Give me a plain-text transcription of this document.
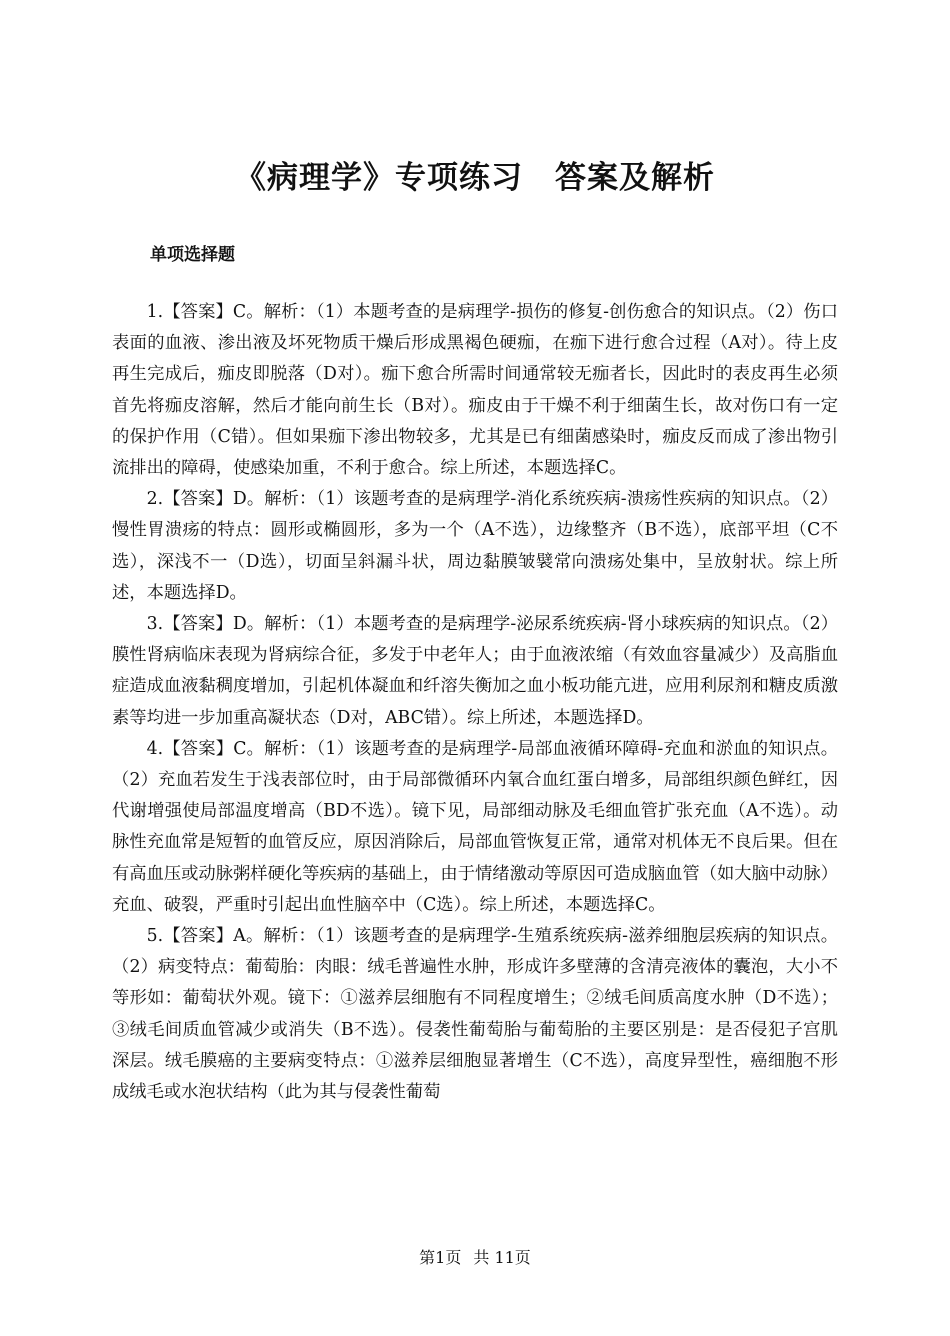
《病理学》专项练习　答案及解析
单项选择题

1.【答案】C。解析：（1）本题考查的是病理学-损伤的修复-创伤愈合的知识点。（2）伤口表面的血液、渗出液及坏死物质干燥后形成黑褐色硬痂，在痂下进行愈合过程（A对）。待上皮再生完成后，痂皮即脱落（D对）。痂下愈合所需时间通常较无痂者长，因此时的表皮再生必须首先将痂皮溶解，然后才能向前生长（B对）。痂皮由于干燥不利于细菌生长，故对伤口有一定的保护作用（C错）。但如果痂下渗出物较多，尤其是已有细菌感染时，痂皮反而成了渗出物引流排出的障碍，使感染加重，不利于愈合。综上所述，本题选择C。

2.【答案】D。解析：（1）该题考查的是病理学-消化系统疾病-溃疡性疾病的知识点。（2）慢性胃溃疡的特点：圆形或椭圆形，多为一个（A不选），边缘整齐（B不选），底部平坦（C不选），深浅不一（D选），切面呈斜漏斗状，周边黏膜皱襞常向溃疡处集中，呈放射状。综上所述，本题选择D。

3.【答案】D。解析：（1）本题考查的是病理学-泌尿系统疾病-肾小球疾病的知识点。（2）膜性肾病临床表现为肾病综合征，多发于中老年人；由于血液浓缩（有效血容量减少）及高脂血症造成血液黏稠度增加，引起机体凝血和纤溶失衡加之血小板功能亢进，应用利尿剂和糖皮质激素等均进一步加重高凝状态（D对，ABC错）。综上所述，本题选择D。

4.【答案】C。解析：（1）该题考查的是病理学-局部血液循环障碍-充血和淤血的知识点。（2）充血若发生于浅表部位时，由于局部微循环内氧合血红蛋白增多，局部组织颜色鲜红，因代谢增强使局部温度增高（BD不选）。镜下见，局部细动脉及毛细血管扩张充血（A不选）。动脉性充血常是短暂的血管反应，原因消除后，局部血管恢复正常，通常对机体无不良后果。但在有高血压或动脉粥样硬化等疾病的基础上，由于情绪激动等原因可造成脑血管（如大脑中动脉）充血、破裂，严重时引起出血性脑卒中（C选）。综上所述，本题选择C。

5.【答案】A。解析：（1）该题考查的是病理学-生殖系统疾病-滋养细胞层疾病的知识点。（2）病变特点：葡萄胎：肉眼：绒毛普遍性水肿，形成许多壁薄的含清亮液体的囊泡，大小不等形如：葡萄状外观。镜下：①滋养层细胞有不同程度增生；②绒毛间质高度水肿（D不选）；③绒毛间质血管减少或消失（B不选）。侵袭性葡萄胎与葡萄胎的主要区别是：是否侵犯子宫肌深层。绒毛膜癌的主要病变特点：①滋养层细胞显著增生（C不选），高度异型性，癌细胞不形成绒毛或水泡状结构（此为其与侵袭性葡萄

第1页 共 11页
